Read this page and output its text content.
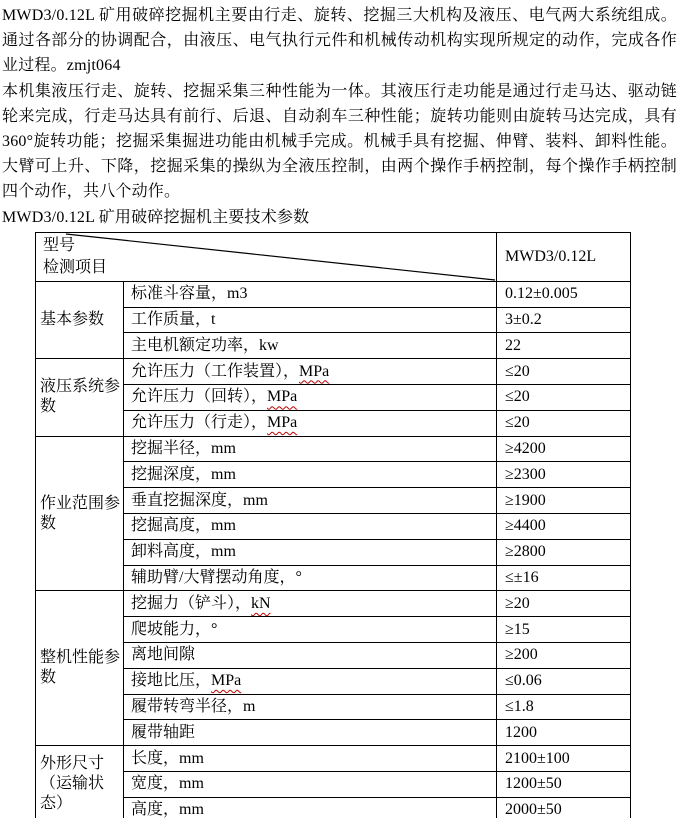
MWD3/0.12L 矿用破碎挖掘机主要由行走、旋转、挖掘三大机构及液压、电气两大系统组成。通过各部分的协调配合，由液压、电气执行元件和机械传动机构实现所规定的动作，完成各作业过程。zmjt064

本机集液压行走、旋转、挖掘采集三种性能为一体。其液压行走功能是通过行走马达、驱动链轮来完成，行走马达具有前行、后退、自动刹车三种性能；旋转功能则由旋转马达完成，具有 360°旋转功能；挖掘采集掘进功能由机械手完成。机械手具有挖掘、伸臂、装料、卸料性能。大臂可上升、下降，挖掘采集的操纵为全液压控制，由两个操作手柄控制，每个操作手柄控制四个动作，共八个动作。

MWD3/0.12L 矿用破碎挖掘机主要技术参数

型号
检测项目		MWD3/0.12L
基本参数	标准斗容量，m3	0.12±0.005
	工作质量，t	3±0.2
	主电机额定功率，kw	22
液压系统参数	允许压力（工作装置），MPa	≤20
	允许压力（回转），MPa	≤20
	允许压力（行走），MPa	≤20
作业范围参数	挖掘半径，mm	≥4200
	挖掘深度，mm	≥2300
	垂直挖掘深度，mm	≥1900
	挖掘高度，mm	≥4400
	卸料高度，mm	≥2800
	辅助臂/大臂摆动角度，°	≤±16
整机性能参数	挖掘力（铲斗），kN	≥20
	爬坡能力，°	≥15
	离地间隙	≥200
	接地比压，MPa	≤0.06
	履带转弯半径，m	≤1.8
	履带轴距	1200
外形尺寸（运输状态）	长度，mm	2100±100
	宽度，mm	1200±50
	高度，mm	2000±50
